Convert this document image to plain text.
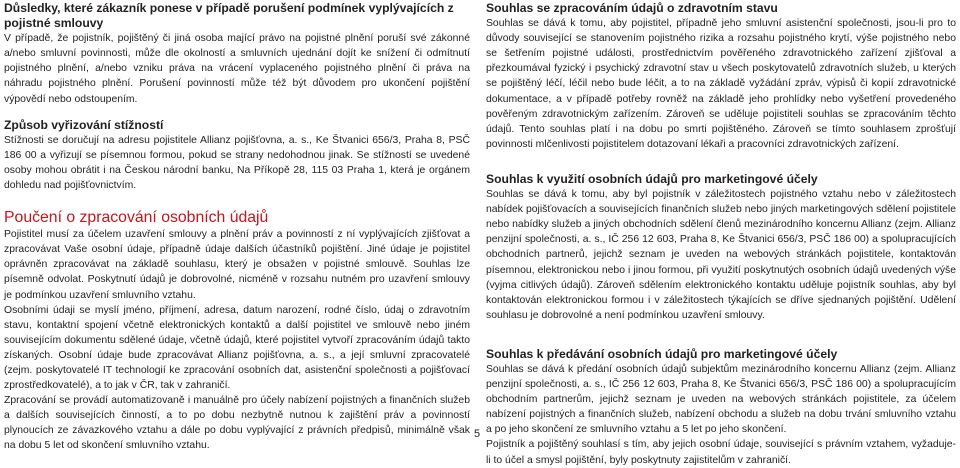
Důsledky, které zákazník ponese v případě porušení podmínek vyplývajících z pojistné smlouvy

V případě, že pojistník, pojištěný či jiná osoba mající právo na pojistné plnění poruší své zákonné a/nebo smluvní povinnosti, může dle okolností a smluvních ujednání dojít ke snížení či odmítnutí pojistného plnění, a/nebo vzniku práva na vrácení vyplaceného pojistného plnění či práva na náhradu pojistného plnění. Porušení povinností může též být důvodem pro ukončení pojištění výpovědí nebo odstoupením.

Způsob vyřizování stížností

Stížnosti se doručují na adresu pojistitele Allianz pojišťovna, a. s., Ke Štvanici 656/3, Praha 8, PSČ 186 00 a vyřizují se písemnou formou, pokud se strany nedohodnou jinak. Se stížností se uvedené osoby mohou obrátit i na Českou národní banku, Na Příkopě 28, 115 03 Praha 1, která je orgánem dohledu nad pojišťovnictvím.

Poučení o zpracování osobních údajů

Pojistitel musí za účelem uzavření smlouvy a plnění práv a povinností z ní vyplývajících zjišťovat a zpracovávat Vaše osobní údaje, případně údaje dalších účastníků pojištění. Jiné údaje je pojistitel oprávněn zpracovávat na základě souhlasu, který je obsažen v pojistné smlouvě. Souhlas lze písemně odvolat. Poskytnutí údajů je dobrovolné, nicméně v rozsahu nutném pro uzavření smlouvy je podmínkou uzavření smluvního vztahu.

Osobními údaji se myslí jméno, příjmení, adresa, datum narození, rodné číslo, údaj o zdravotním stavu, kontaktní spojení včetně elektronických kontaktů a další pojistitel ve smlouvě nebo jiném souvisejícím dokumentu sdělené údaje, včetně údajů, které pojistitel vytvoří zpracováním údajů takto získaných. Osobní údaje bude zpracovávat Allianz pojišťovna, a. s., a její smluvní zpracovatelé (zejm. poskytovatelé IT technologií ke zpracování osobních dat, asistenční společnosti a pojišťovací zprostředkovatelé), a to jak v ČR, tak v zahraničí.

Zpracování se provádí automatizovaně i manuálně pro účely nabízení pojistných a finančních služeb a dalších souvisejících činností, a to po dobu nezbytně nutnou k zajištění práv a povinností plynoucích ze závazkového vztahu a dále po dobu vyplývající z právních předpisů, minimálně však na dobu 5 let od skončení smluvního vztahu.

5
Souhlas se zpracováním údajů o zdravotním stavu

Souhlas se dává k tomu, aby pojistitel, případně jeho smluvní asistenční společnosti, jsou-li pro to důvody související se stanovením pojistného rizika a rozsahu pojistného krytí, výše pojistného nebo se šetřením pojistné události, prostřednictvím pověřeného zdravotnického zařízení zjišťoval a přezkoumával fyzický i psychický zdravotní stav u všech poskytovatelů zdravotních služeb, u kterých se pojištěný léčí, léčil nebo bude léčit, a to na základě vyžádání zpráv, výpisů či kopií zdravotnické dokumentace, a v případě potřeby rovněž na základě jeho prohlídky nebo vyšetření provedeného pověřeným zdravotnickým zařízením. Zároveň se uděluje pojistiteli souhlas se zpracováním těchto údajů. Tento souhlas platí i na dobu po smrti pojištěného. Zároveň se tímto souhlasem zprošťují povinnosti mlčenlivosti pojistitelem dotazovaní lékaři a pracovníci zdravotnických zařízení.

Souhlas k využití osobních údajů pro marketingové účely

Souhlas se dává k tomu, aby byl pojistník v záležitostech pojistného vztahu nebo v záležitostech nabídek pojišťovacích a souvisejících finančních služeb nebo jiných marketingových sdělení pojistitele nebo nabídky služeb a jiných obchodních sdělení členů mezinárodního koncernu Allianz (zejm. Allianz penzijní společnosti, a. s., IČ 256 12 603, Praha 8, Ke Štvanici 656/3, PSČ 186 00) a spolupracujících obchodních partnerů, jejichž seznam je uveden na webových stránkách pojistitele, kontaktován písemnou, elektronickou nebo i jinou formou, při využití poskytnutých osobních údajů uvedených výše (vyjma citlivých údajů). Zároveň sdělením elektronického kontaktu uděluje pojistník souhlas, aby byl kontaktován elektronickou formou i v záležitostech týkajících se dříve sjednaných pojištění. Udělení souhlasu je dobrovolné a není podmínkou uzavření smlouvy.

Souhlas k předávání osobních údajů pro marketingové účely

Souhlas se dává k předání osobních údajů subjektům mezinárodního koncernu Allianz (zejm. Allianz penzijní společnosti, a. s., IČ 256 12 603, Praha 8, Ke Štvanici 656/3, PSČ 186 00) a spolupracujícím obchodním partnerům, jejichž seznam je uveden na webových stránkách pojistitele, za účelem nabízení pojistných a finančních služeb, nabízení obchodu a služeb na dobu trvání smluvního vztahu a po jeho skončení ze smluvního vztahu a 5 let po jeho skončení.

Pojistník a pojištěný souhlasí s tím, aby jejich osobní údaje, související s právním vztahem, vyžaduje-li to účel a smysl pojištění, byly poskytnuty zajistitelům v zahraničí.
